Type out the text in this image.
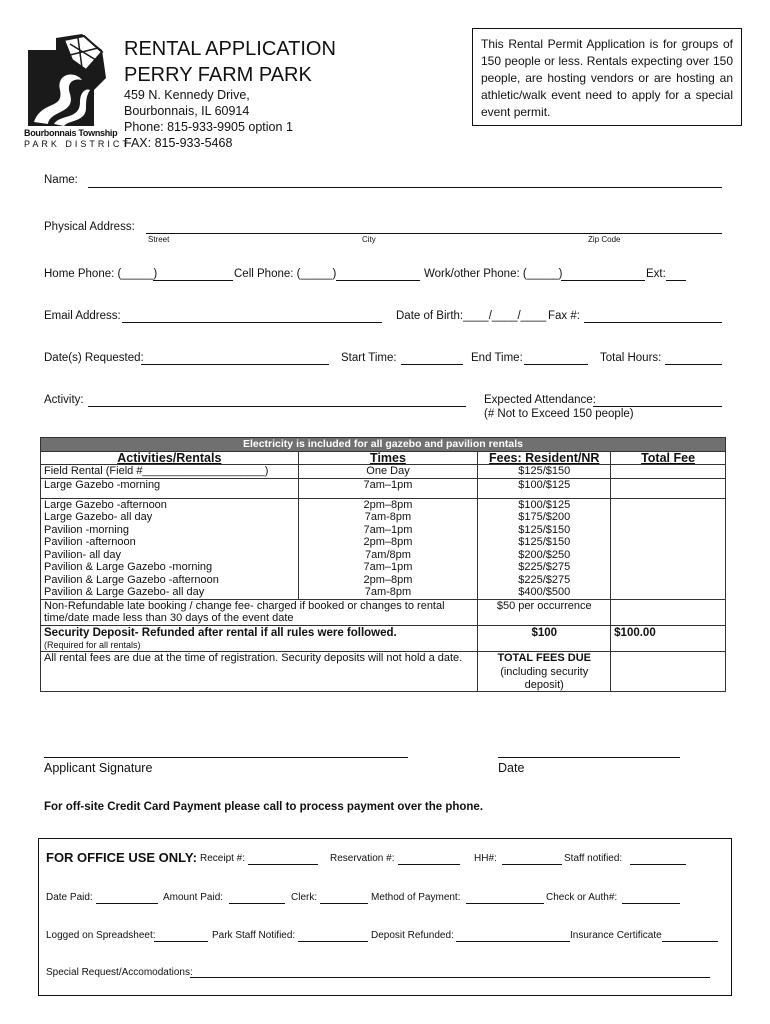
Bourbonnais Township
PARK DISTRICT
RENTAL APPLICATION
PERRY FARM PARK
459 N. Kennedy Drive,
Bourbonnais, IL 60914
Phone: 815-933-9905 option 1
FAX: 815-933-5468
This Rental Permit Application is for groups of 150 people or less. Rentals expecting over 150 people, are hosting vendors or are hosting an athletic/walk event need to apply for a special event permit.
Name:
Physical Address:
Street	City	Zip Code
Home Phone: (_____)	Cell Phone: (_____)	Work/other Phone: (_____)	Ext:
Email Address:	Date of Birth:____/____/____ Fax #:
Date(s) Requested:	Start Time:	End Time:	Total Hours:
Activity:	Expected Attendance:
(# Not to Exceed 150 people)
Electricity is included for all gazebo and pavilion rentals			
Activities/Rentals	Times	Fees: Resident/NR	Total Fee
Field Rental (Field #____________________)	One Day	$125/$150	
Large Gazebo -morning	7am–1pm	$100/$125	
Large Gazebo -afternoon	2pm–8pm	$100/$125	
Large Gazebo- all day	7am-8pm	$175/$200	
Pavilion -morning	7am–1pm	$125/$150	
Pavilion -afternoon	2pm–8pm	$125/$150	
Pavilion- all day	7am/8pm	$200/$250	
Pavilion & Large Gazebo -morning	7am–1pm	$225/$275	
Pavilion & Large Gazebo -afternoon	2pm–8pm	$225/$275	
Pavilion & Large Gazebo- all day	7am-8pm	$400/$500	
Non-Refundable late booking / change fee- charged if booked or changes to rental time/date made less than 30 days of the event date		$50 per occurrence	

Security Deposit- Refunded after rental if all rules were followed.
(Required for all rentals)		$100	$100.00
All rental fees are due at the time of registration. Security deposits will not hold a date.		TOTAL FEES DUE
(including security deposit)	

Applicant Signature	Date
For off-site Credit Card Payment please call to process payment over the phone.
FOR OFFICE USE ONLY: Receipt #:	Reservation #:	HH#:	Staff notified:
Date Paid:	Amount Paid:	Clerk:	Method of Payment:	Check or Auth#:
Logged on Spreadsheet:	Park Staff Notified:	Deposit Refunded:	Insurance Certificate
Special Request/Accomodations:
